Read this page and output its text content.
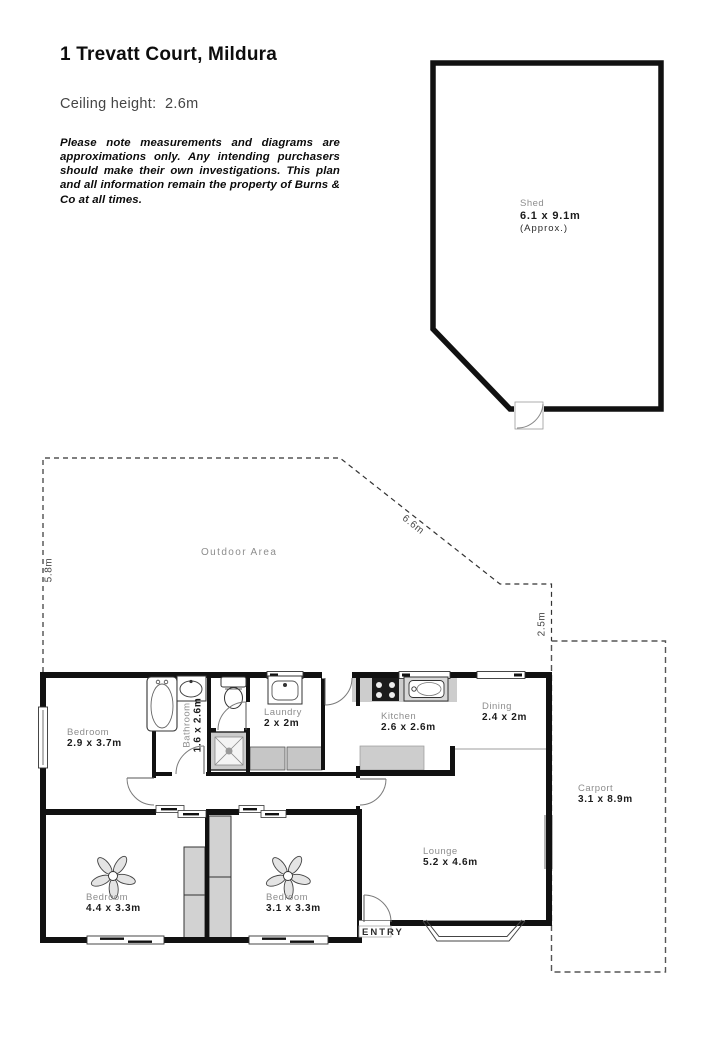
1 Trevatt Court, Mildura
Ceiling height:  2.6m
Please note measurements and diagrams are approximations only. Any intending purchasers should make their own investigations. This plan and all information remain the property of Burns & Co at all times.	Shed
6.1 x 9.1m
(Approx.)
Outdoor Area
5.8m
6.6m
2.5m
Bedroom
2.9 x 3.7m	Bathroom 1.6 x 2.6m	Laundry
2 x 2m
Kitchen
2.6 x 2.6m
Dining
2.4 x 2m
Lounge
5.2 x 4.6m
Carport
3.1 x 8.9m
Bedroom
4.4 x 3.3m
Bedroom
3.1 x 3.3m
ENTRY
